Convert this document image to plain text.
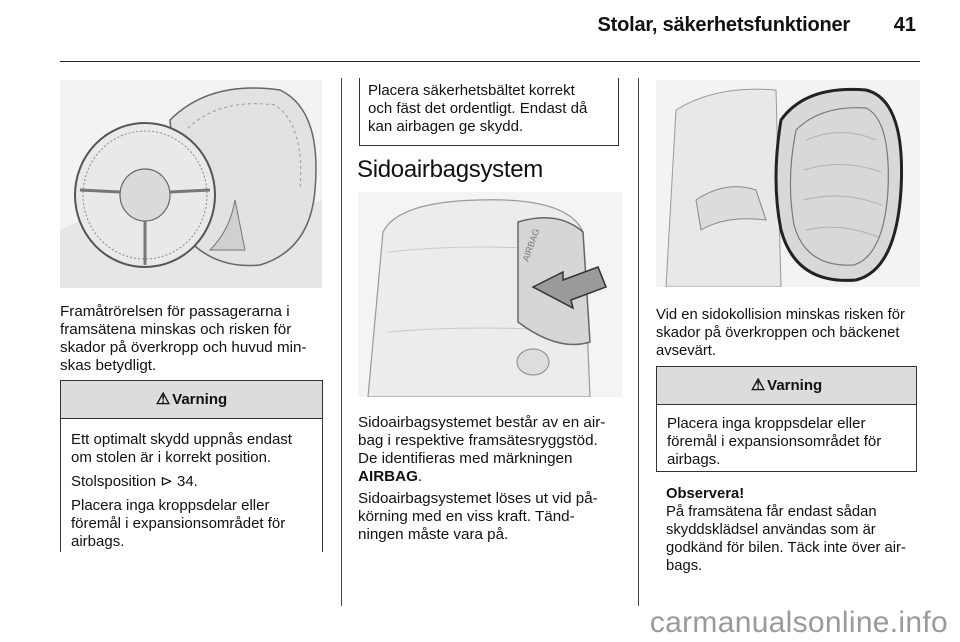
Stolar, säkerhetsfunktioner 41

Framåtrörelsen för passagerarna i

framsätena minskas och risken för

skador på överkropp och huvud min-

skas betydligt.

⚠ Varning

Ett optimalt skydd uppnås endast
om stolen är i korrekt position.

Stolsposition ⊳ 34.

Placera inga kroppsdelar eller
föremål i expansionsområdet för
airbags.

Placera säkerhetsbältet korrekt
och fäst det ordentligt. Endast då
kan airbagen ge skydd.
Sidoairbagsystem
AIRBAG

Sidoairbagsystemet består av en air-

bag i respektive framsätesryggstöd.

De identifieras med märkningen

AIRBAG.

Sidoairbagsystemet löses ut vid på-

körning med en viss kraft. Tänd-

ningen måste vara på.

Vid en sidokollision minskas risken för

skador på överkroppen och bäckenet

avsevärt.

⚠ Varning

Placera inga kroppsdelar eller
föremål i expansionsområdet för
airbags.

Observera!

På framsätena får endast sådan

skyddsklädsel användas som är

godkänd för bilen. Täck inte över air-

bags.

carmanualsonline.info
